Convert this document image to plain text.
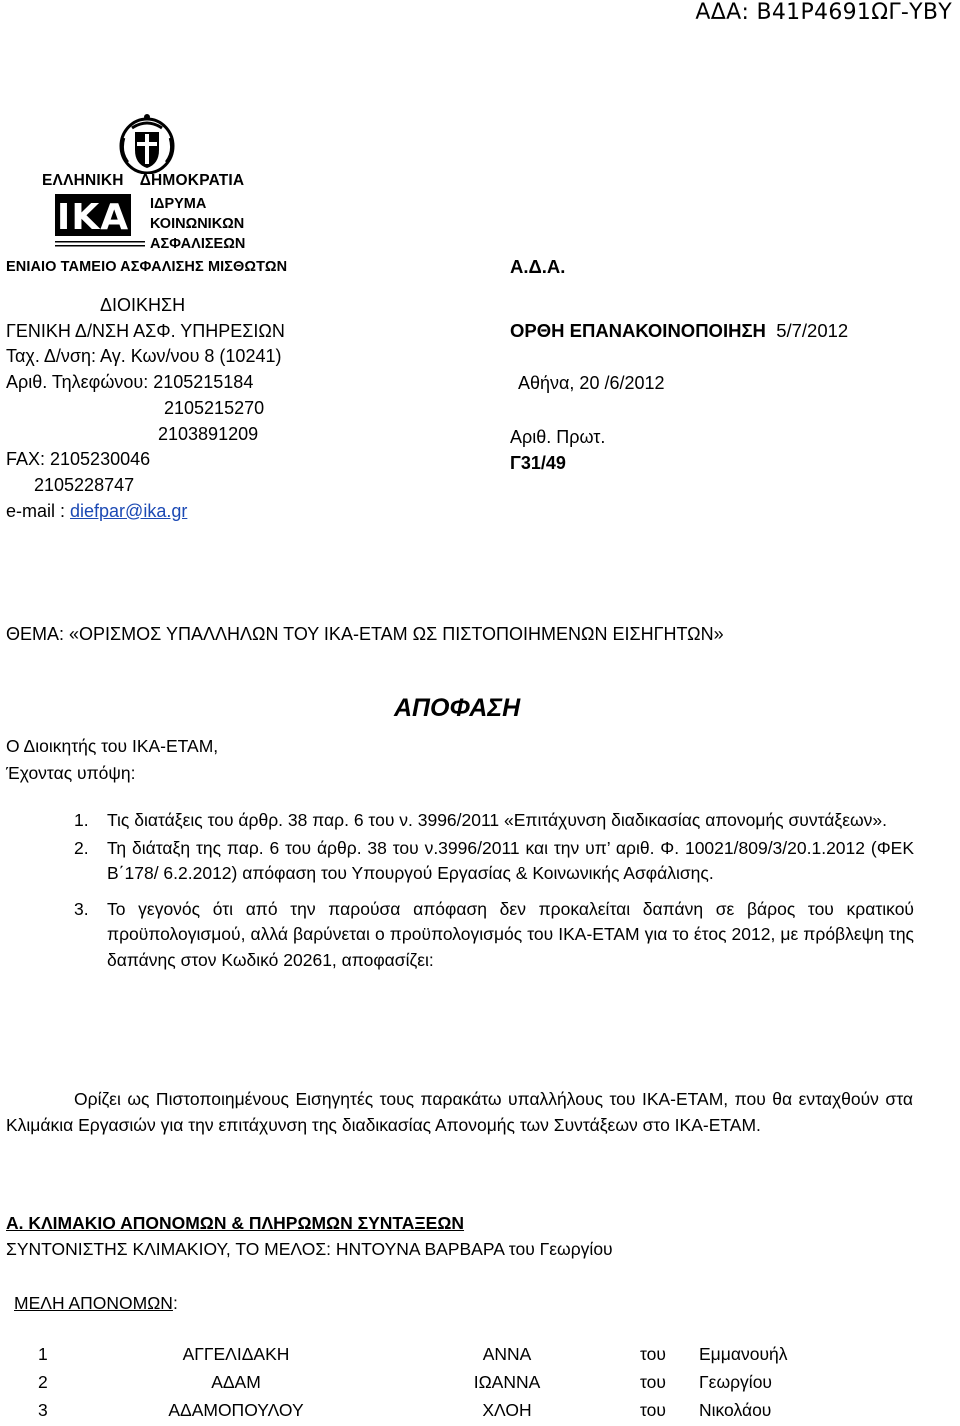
ΑΔΑ: Β41Ρ4691ΩΓ-ΥΒΥ
ΕΛΛΗΝΙΚΗ ΔΗΜΟΚΡΑΤΙΑ
ΙΚΑ ΙΔΡΥΜΑ
ΚΟΙΝΩΝΙΚΩΝ
ΑΣΦΑΛΙΣΕΩΝ
ΕΝΙΑΙΟ ΤΑΜΕΙΟ ΑΣΦΑΛΙΣΗΣ ΜΙΣΘΩΤΩΝ
ΔΙΟΙΚΗΣΗ
ΓΕΝΙΚΗ Δ/ΝΣΗ ΑΣΦ. ΥΠΗΡΕΣΙΩΝ
Ταχ. Δ/νση: Αγ. Κων/νου 8 (10241)
Αριθ. Τηλεφώνου: 2105215184
2105215270
2103891209
FAX: 2105230046
2105228747
e-mail : diefpar@ika.gr
Α.Δ.Α.
ΟΡΘΗ ΕΠΑΝΑΚΟΙΝΟΠΟΙΗΣΗ 5/7/2012
Αθήνα, 20 /6/2012
Αριθ. Πρωτ.
Γ31/49
ΘΕΜΑ: «ΟΡΙΣΜΟΣ ΥΠΑΛΛΗΛΩΝ ΤΟΥ ΙΚΑ-ΕΤΑΜ ΩΣ ΠΙΣΤΟΠΟΙΗΜΕΝΩΝ ΕΙΣΗΓΗΤΩΝ»
ΑΠΟΦΑΣΗ
Ο Διοικητής του ΙΚΑ-ΕΤΑΜ,
Έχοντας υπόψη:
1. Τις διατάξεις του άρθρ. 38 παρ. 6 του ν. 3996/2011 «Επιτάχυνση διαδικασίας απονομής συντάξεων».
2. Τη διάταξη της παρ. 6 του άρθρ. 38 του ν.3996/2011 και την υπ’ αριθ. Φ. 10021/809/3/20.1.2012 (ΦΕΚ Β΄178/ 6.2.2012) απόφαση του Υπουργού Εργασίας & Κοινωνικής Ασφάλισης.
3. Το γεγονός ότι από την παρούσα απόφαση δεν προκαλείται δαπάνη σε βάρος του κρατικού προϋπολογισμού, αλλά βαρύνεται ο προϋπολογισμός του ΙΚΑ-ΕΤΑΜ για το έτος 2012, με πρόβλεψη της δαπάνης στον Κωδικό 20261, αποφασίζει:
Ορίζει ως Πιστοποιημένους Εισηγητές τους παρακάτω υπαλλήλους του ΙΚΑ-ΕΤΑΜ, που θα ενταχθούν στα Κλιμάκια Εργασιών για την επιτάχυνση της διαδικασίας Απονομής των Συντάξεων στο ΙΚΑ-ΕΤΑΜ.
Α. ΚΛΙΜΑΚΙΟ ΑΠΟΝΟΜΩΝ & ΠΛΗΡΩΜΩΝ ΣΥΝΤΑΞΕΩΝ
ΣΥΝΤΟΝΙΣΤΗΣ ΚΛΙΜΑΚΙΟΥ, ΤΟ ΜΕΛΟΣ: ΗΝΤΟΥΝΑ ΒΑΡΒΑΡΑ του Γεωργίου
ΜΕΛΗ ΑΠΟΝΟΜΩΝ:
1	ΑΓΓΕΛΙΔΑΚΗ	ΑΝΝΑ	του Εμμανουήλ
2	ΑΔΑΜ	ΙΩΑΝΝΑ	του Γεωργίου
3	ΑΔΑΜΟΠΟΥΛΟΥ	ΧΛΟΗ	του Νικολάου
